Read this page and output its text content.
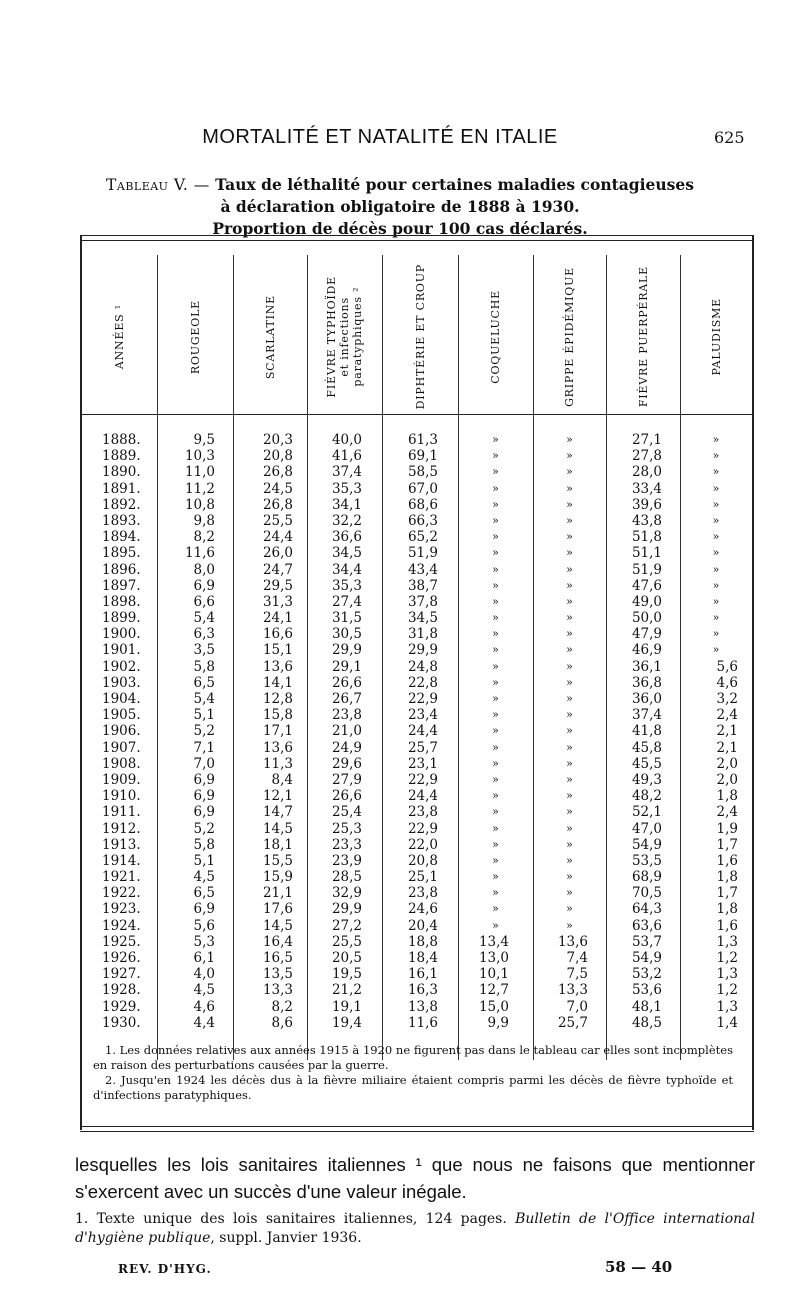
MORTALITÉ ET NATALITÉ EN ITALIE	625
Tableau V. — Taux de léthalité pour certaines maladies contagieuses
à déclaration obligatoire de 1888 à 1930.
Proportion de décès pour 100 cas déclarés.
ANNÉES ¹	ROUGEOLE	SCARLATINE	FIÈVRE TYPHOÏDE
et infections
paratyphiques ²	DIPHTÉRIE ET CROUP	COQUELUCHE	GRIPPE ÉPIDÉMIQUE	FIÈVRE PUERPÉRALE	PALUDISME
1888.	9,5	20,3	40,0	61,3	»	»	27,1	»
1889.	10,3	20,8	41,6	69,1	»	»	27,8	»
1890.	11,0	26,8	37,4	58,5	»	»	28,0	»
1891.	11,2	24,5	35,3	67,0	»	»	33,4	»
1892.	10,8	26,8	34,1	68,6	»	»	39,6	»
1893.	9,8	25,5	32,2	66,3	»	»	43,8	»
1894.	8,2	24,4	36,6	65,2	»	»	51,8	»
1895.	11,6	26,0	34,5	51,9	»	»	51,1	»
1896.	8,0	24,7	34,4	43,4	»	»	51,9	»
1897.	6,9	29,5	35,3	38,7	»	»	47,6	»
1898.	6,6	31,3	27,4	37,8	»	»	49,0	»
1899.	5,4	24,1	31,5	34,5	»	»	50,0	»
1900.	6,3	16,6	30,5	31,8	»	»	47,9	»
1901.	3,5	15,1	29,9	29,9	»	»	46,9	»
1902.	5,8	13,6	29,1	24,8	»	»	36,1	5,6
1903.	6,5	14,1	26,6	22,8	»	»	36,8	4,6
1904.	5,4	12,8	26,7	22,9	»	»	36,0	3,2
1905.	5,1	15,8	23,8	23,4	»	»	37,4	2,4
1906.	5,2	17,1	21,0	24,4	»	»	41,8	2,1
1907.	7,1	13,6	24,9	25,7	»	»	45,8	2,1
1908.	7,0	11,3	29,6	23,1	»	»	45,5	2,0
1909.	6,9	8,4	27,9	22,9	»	»	49,3	2,0
1910.	6,9	12,1	26,6	24,4	»	»	48,2	1,8
1911.	6,9	14,7	25,4	23,8	»	»	52,1	2,4
1912.	5,2	14,5	25,3	22,9	»	»	47,0	1,9
1913.	5,8	18,1	23,3	22,0	»	»	54,9	1,7
1914.	5,1	15,5	23,9	20,8	»	»	53,5	1,6
1921.	4,5	15,9	28,5	25,1	»	»	68,9	1,8
1922.	6,5	21,1	32,9	23,8	»	»	70,5	1,7
1923.	6,9	17,6	29,9	24,6	»	»	64,3	1,8
1924.	5,6	14,5	27,2	20,4	»	»	63,6	1,6
1925.	5,3	16,4	25,5	18,8	13,4	13,6	53,7	1,3
1926.	6,1	16,5	20,5	18,4	13,0	7,4	54,9	1,2
1927.	4,0	13,5	19,5	16,1	10,1	7,5	53,2	1,3
1928.	4,5	13,3	21,2	16,3	12,7	13,3	53,6	1,2
1929.	4,6	8,2	19,1	13,8	15,0	7,0	48,1	1,3
1930.	4,4	8,6	19,4	11,6	9,9	25,7	48,5	1,4

1. Les données relatives aux années 1915 à 1920 ne figurent pas dans le tableau car elles sont incomplètes en raison des perturbations causées par la guerre.

2. Jusqu'en 1924 les décès dus à la fièvre miliaire étaient compris parmi les décès de fièvre typhoïde et d'infections paratyphiques.

lesquelles les lois sanitaires italiennes ¹ que nous ne faisons que mentionner s'exercent avec un succès d'une valeur inégale.
1. Texte unique des lois sanitaires italiennes, 124 pages. Bulletin de l'Office international d'hygiène publique, suppl. Janvier 1936.
REV. D'HYG.	58 — 40
